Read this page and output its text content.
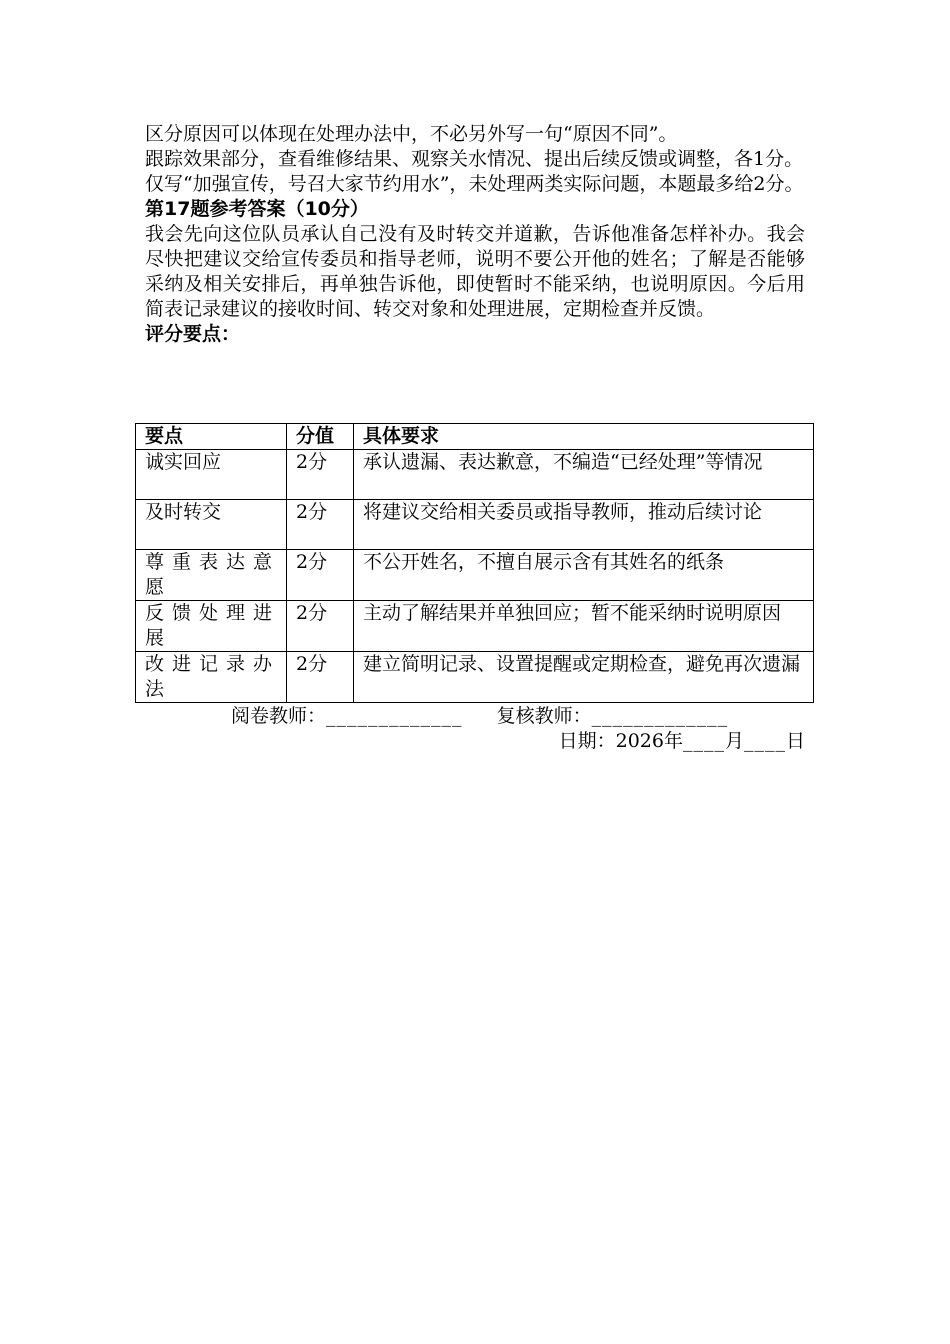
区分原因可以体现在处理办法中，不必另外写一句“原因不同”。

跟踪效果部分，查看维修结果、观察关水情况、提出后续反馈或调整，各1分。

仅写“加强宣传，号召大家节约用水”，未处理两类实际问题，本题最多给2分。

第17题参考答案（10分）

我会先向这位队员承认自己没有及时转交并道歉，告诉他准备怎样补办。我会尽快把建议交给宣传委员和指导老师，说明不要公开他的姓名；了解是否能够采纳及相关安排后，再单独告诉他，即使暂时不能采纳，也说明原因。今后用简表记录建议的接收时间、转交对象和处理进展，定期检查并反馈。

评分要点：

要点	分值	具体要求
诚实回应	2分	承认遗漏、表达歉意，不编造“已经处理”等情况
及时转交	2分	将建议交给相关委员或指导教师，推动后续讨论
尊重表达意愿	2分	不公开姓名，不擅自展示含有其姓名的纸条
反馈处理进展	2分	主动了解结果并单独回应；暂不能采纳时说明原因
改进记录办法	2分	建立简明记录、设置提醒或定期检查，避免再次遗漏
阅卷教师：_____________ 复核教师：_____________
日期：2026年____月____日
